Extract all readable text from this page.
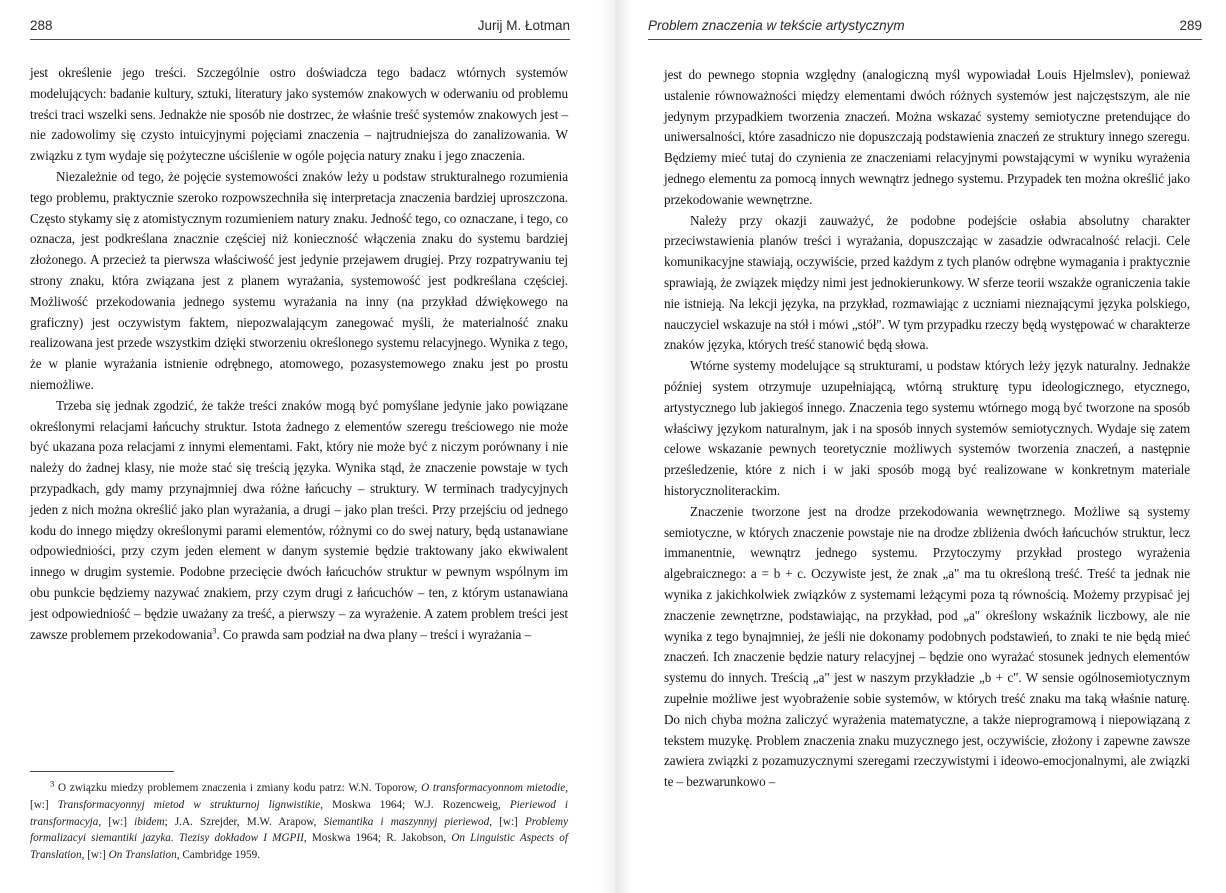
288	Jurij M. Łotman

jest określenie jego treści. Szczególnie ostro doświadcza tego badacz wtórnych systemów modelujących: badanie kultury, sztuki, literatury jako systemów znakowych w oderwaniu od problemu treści traci wszelki sens. Jednakże nie sposób nie dostrzec, że właśnie treść systemów znakowych jest – nie zadowolimy się czysto intuicyjnymi pojęciami znaczenia – najtrudniejsza do zanalizowania. W związku z tym wydaje się pożyteczne uściślenie w ogóle pojęcia natury znaku i jego znaczenia.

Niezależnie od tego, że pojęcie systemowości znaków leży u podstaw strukturalnego rozumienia tego problemu, praktycznie szeroko rozpowszechniła się interpretacja znaczenia bardziej uproszczona. Często stykamy się z atomistycznym rozumieniem natury znaku. Jedność tego, co oznaczane, i tego, co oznacza, jest podkreślana znacznie częściej niż konieczność włączenia znaku do systemu bardziej złożonego. A przecież ta pierwsza właściwość jest jedynie przejawem drugiej. Przy rozpatrywaniu tej strony znaku, która związana jest z planem wyrażania, systemowość jest podkreślana częściej. Możliwość przekodowania jednego systemu wyrażania na inny (na przykład dźwiękowego na graficzny) jest oczywistym faktem, niepozwalającym zanegować myśli, że materialność znaku realizowana jest przede wszystkim dzięki stworzeniu określonego systemu relacyjnego. Wynika z tego, że w planie wyrażania istnienie odrębnego, atomowego, pozasystemowego znaku jest po prostu niemożliwe.

Trzeba się jednak zgodzić, że także treści znaków mogą być pomyślane jedynie jako powiązane określonymi relacjami łańcuchy struktur. Istota żadnego z elementów szeregu treściowego nie może być ukazana poza relacjami z innymi elementami. Fakt, który nie może być z niczym porównany i nie należy do żadnej klasy, nie może stać się treścią języka. Wynika stąd, że znaczenie powstaje w tych przypadkach, gdy mamy przynajmniej dwa różne łańcuchy – struktury. W terminach tradycyjnych jeden z nich można określić jako plan wyrażania, a drugi – jako plan treści. Przy przejściu od jednego kodu do innego między określonymi parami elementów, różnymi co do swej natury, będą ustanawiane odpowiedniości, przy czym jeden element w danym systemie będzie traktowany jako ekwiwalent innego w drugim systemie. Podobne przecięcie dwóch łańcuchów struktur w pewnym wspólnym im obu punkcie będziemy nazywać znakiem, przy czym drugi z łańcuchów – ten, z którym ustanawiana jest odpowiedniość – będzie uważany za treść, a pierwszy – za wyrażenie. A zatem problem treści jest zawsze problemem przekodowania$^3$. Co prawda sam podział na dwa plany – treści i wyrażania –

$^3$ O związku miedzy problemem znaczenia i zmiany kodu patrz: W.N. Toporow, O transformacyonnom mietodie, [w:] Transformacyonnyj mietod w strukturnoj lignwistikie, Moskwa 1964; W.J. Rozencweig, Pieriewod i transformacyja, [w:] ibidem; J.A. Szrejder, M.W. Arapow, Siemantika i maszynnyj pieriewod, [w:] Problemy formalizacyi siemantiki jazyka. Tiezisy dokładow I MGPII, Moskwa 1964; R. Jakobson, On Linguistic Aspects of Translation, [w:] On Translation, Cambridge 1959.

Problem znaczenia w tekście artystycznym	289

jest do pewnego stopnia względny (analogiczną myśl wypowiadał Louis Hjelmslev), ponieważ ustalenie równoważności między elementami dwóch różnych systemów jest najczęstszym, ale nie jedynym przypadkiem tworzenia znaczeń. Można wskazać systemy semiotyczne pretendujące do uniwersalności, które zasadniczo nie dopuszczają podstawienia znaczeń ze struktury innego szeregu. Będziemy mieć tutaj do czynienia ze znaczeniami relacyjnymi powstającymi w wyniku wyrażenia jednego elementu za pomocą innych wewnątrz jednego systemu. Przypadek ten można określić jako przekodowanie wewnętrzne.

Należy przy okazji zauważyć, że podobne podejście osłabia absolutny charakter przeciwstawienia planów treści i wyrażania, dopuszczając w zasadzie odwracalność relacji. Cele komunikacyjne stawiają, oczywiście, przed każdym z tych planów odrębne wymagania i praktycznie sprawiają, że związek między nimi jest jednokierunkowy. W sferze teorii wszakże ograniczenia takie nie istnieją. Na lekcji języka, na przykład, rozmawiając z uczniami nieznającymi języka polskiego, nauczyciel wskazuje na stół i mówi „stół". W tym przypadku rzeczy będą występować w charakterze znaków języka, których treść stanowić będą słowa.

Wtórne systemy modelujące są strukturami, u podstaw których leży język naturalny. Jednakże później system otrzymuje uzupełniającą, wtórną strukturę typu ideologicznego, etycznego, artystycznego lub jakiegoś innego. Znaczenia tego systemu wtórnego mogą być tworzone na sposób właściwy językom naturalnym, jak i na sposób innych systemów semiotycznych. Wydaje się zatem celowe wskazanie pewnych teoretycznie możliwych systemów tworzenia znaczeń, a następnie prześledzenie, które z nich i w jaki sposób mogą być realizowane w konkretnym materiale historycznoliterackim.

Znaczenie tworzone jest na drodze przekodowania wewnętrznego. Możliwe są systemy semiotyczne, w których znaczenie powstaje nie na drodze zbliżenia dwóch łańcuchów struktur, lecz immanentnie, wewnątrz jednego systemu. Przytoczymy przykład prostego wyrażenia algebraicznego: a = b + c. Oczywiste jest, że znak „a" ma tu określoną treść. Treść ta jednak nie wynika z jakichkolwiek związków z systemami leżącymi poza tą równością. Możemy przypisać jej znaczenie zewnętrzne, podstawiając, na przykład, pod „a" określony wskaźnik liczbowy, ale nie wynika z tego bynajmniej, że jeśli nie dokonamy podobnych podstawień, to znaki te nie będą mieć znaczeń. Ich znaczenie będzie natury relacyjnej – będzie ono wyrażać stosunek jednych elementów systemu do innych. Treścią „a" jest w naszym przykładzie „b + c". W sensie ogólnosemiotycznym zupełnie możliwe jest wyobrażenie sobie systemów, w których treść znaku ma taką właśnie naturę. Do nich chyba można zaliczyć wyrażenia matematyczne, a także nieprogramową i niepowiązaną z tekstem muzykę. Problem znaczenia znaku muzycznego jest, oczywiście, złożony i zapewne zawsze zawiera związki z pozamuzycznymi szeregami rzeczywistymi i ideowo-emocjonalnymi, ale związki te – bezwarunkowo –
